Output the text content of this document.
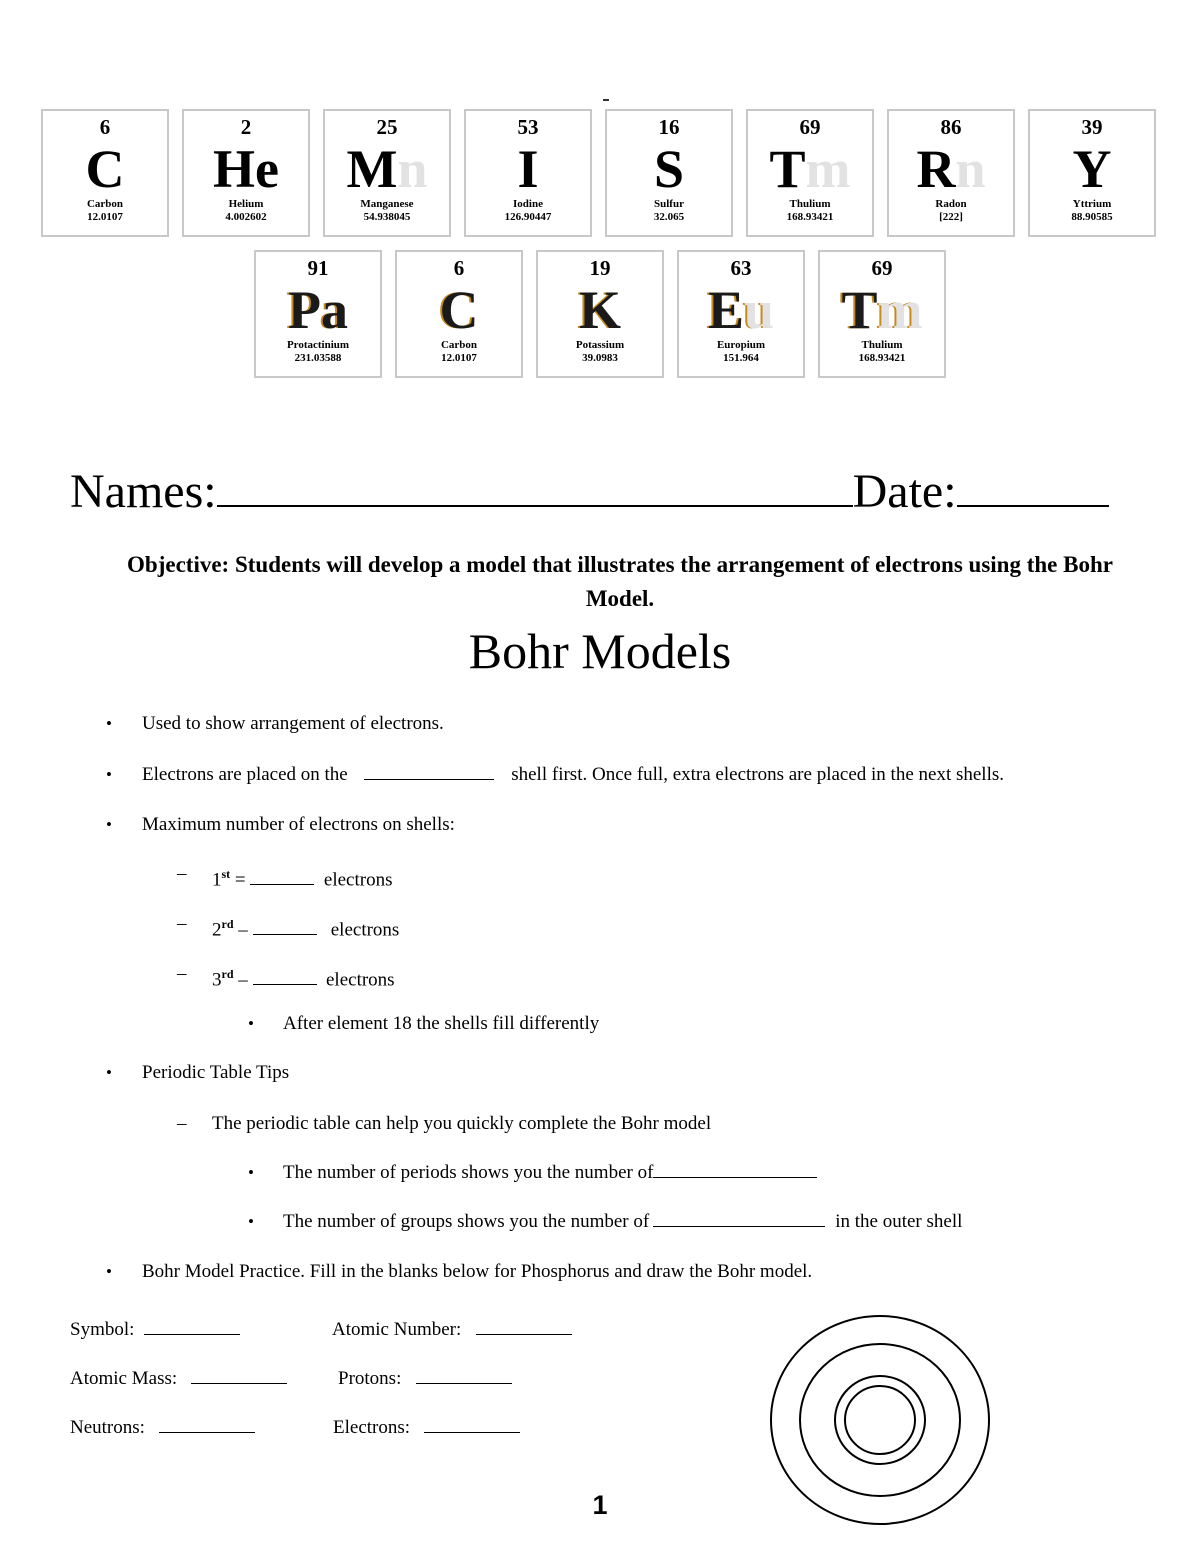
6
C
Carbon
12.0107
2
He
Helium
4.002602
25
Mn
Manganese
54.938045
53
I
Iodine
126.90447
16
S
Sulfur
32.065
69
Tm
Thulium
168.93421
86
Rn
Radon
[222]
39
Y
Yttrium
88.90585
91
Pa
Protactinium
231.03588
6
C
Carbon
12.0107
19
K
Potassium
39.0983
63
Eu
Europium
151.964
69
Tm
Thulium
168.93421
Names:	Date:
Objective: Students will develop a model that illustrates the arrangement of electrons using the Bohr Model.
Bohr Models
• Used to show arrangement of electrons.
• Electrons are placed on the	shell first. Once full, extra electrons are placed in the next shells.
• Maximum number of electrons on shells:
– 1st =	electrons
– 2rd –	electrons
– 3rd –	electrons
• After element 18 the shells fill differently
• Periodic Table Tips
– The periodic table can help you quickly complete the Bohr model
• The number of periods shows you the number of
• The number of groups shows you the number of	in the outer shell
• Bohr Model Practice. Fill in the blanks below for Phosphorus and draw the Bohr model.
Symbol:	Atomic Number:
Atomic Mass:	Protons:
Neutrons:	Electrons:
1
